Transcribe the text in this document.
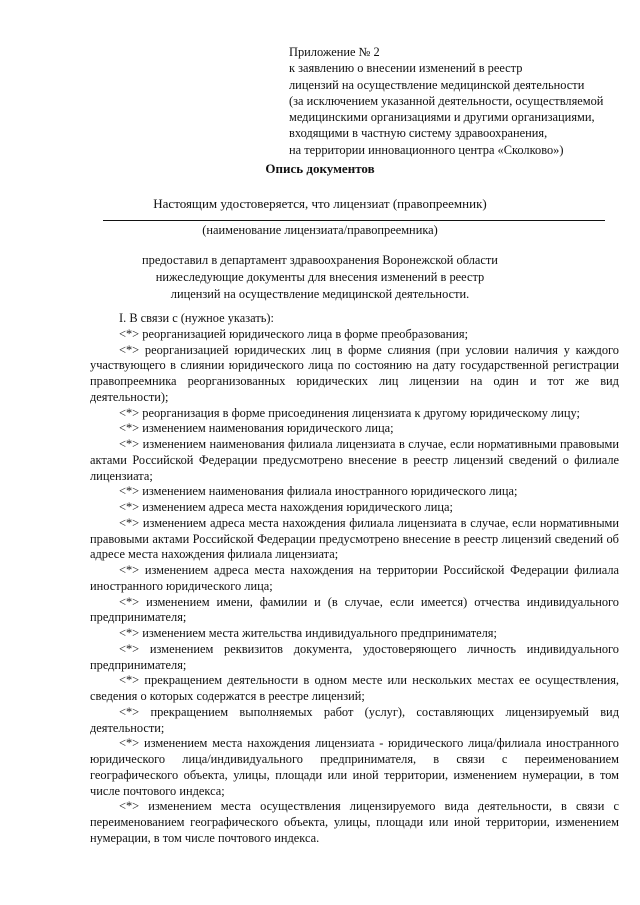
Приложение № 2
к заявлению о внесении изменений в реестр
лицензий на осуществление медицинской деятельности
(за исключением указанной деятельности, осуществляемой
медицинскими организациями и другими организациями,
входящими в частную систему здравоохранения,
на территории инновационного центра «Сколково»)
Опись документов
Настоящим удостоверяется, что лицензиат (правопреемник)
(наименование лицензиата/правопреемника)
предоставил в департамент здравоохранения Воронежской области
нижеследующие документы для внесения изменений в реестр
лицензий на осуществление медицинской деятельности.

I. В связи с (нужное указать):

<*> реорганизацией юридического лица в форме преобразования;

<*> реорганизацией юридических лиц в форме слияния (при условии наличия у каждого участвующего в слиянии юридического лица по состоянию на дату государственной регистрации правопреемника реорганизованных юридических лиц лицензии на один и тот же вид деятельности);

<*> реорганизация в форме присоединения лицензиата к другому юридическому лицу;

<*> изменением наименования юридического лица;

<*> изменением наименования филиала лицензиата в случае, если нормативными правовыми актами Российской Федерации предусмотрено внесение в реестр лицензий сведений о филиале лицензиата;

<*> изменением наименования филиала иностранного юридического лица;

<*> изменением адреса места нахождения юридического лица;

<*> изменением адреса места нахождения филиала лицензиата в случае, если нормативными правовыми актами Российской Федерации предусмотрено внесение в реестр лицензий сведений об адресе места нахождения филиала лицензиата;

<*> изменением адреса места нахождения на территории Российской Федерации филиала иностранного юридического лица;

<*> изменением имени, фамилии и (в случае, если имеется) отчества индивидуального предпринимателя;

<*> изменением места жительства индивидуального предпринимателя;

<*> изменением реквизитов документа, удостоверяющего личность индивидуального предпринимателя;

<*> прекращением деятельности в одном месте или нескольких местах ее осуществления, сведения о которых содержатся в реестре лицензий;

<*> прекращением выполняемых работ (услуг), составляющих лицензируемый вид деятельности;

<*> изменением места нахождения лицензиата - юридического лица/филиала иностранного юридического лица/индивидуального предпринимателя, в связи с переименованием географического объекта, улицы, площади или иной территории, изменением нумерации, в том числе почтового индекса;

<*> изменением места осуществления лицензируемого вида деятельности, в связи с переименованием географического объекта, улицы, площади или иной территории, изменением нумерации, в том числе почтового индекса.
